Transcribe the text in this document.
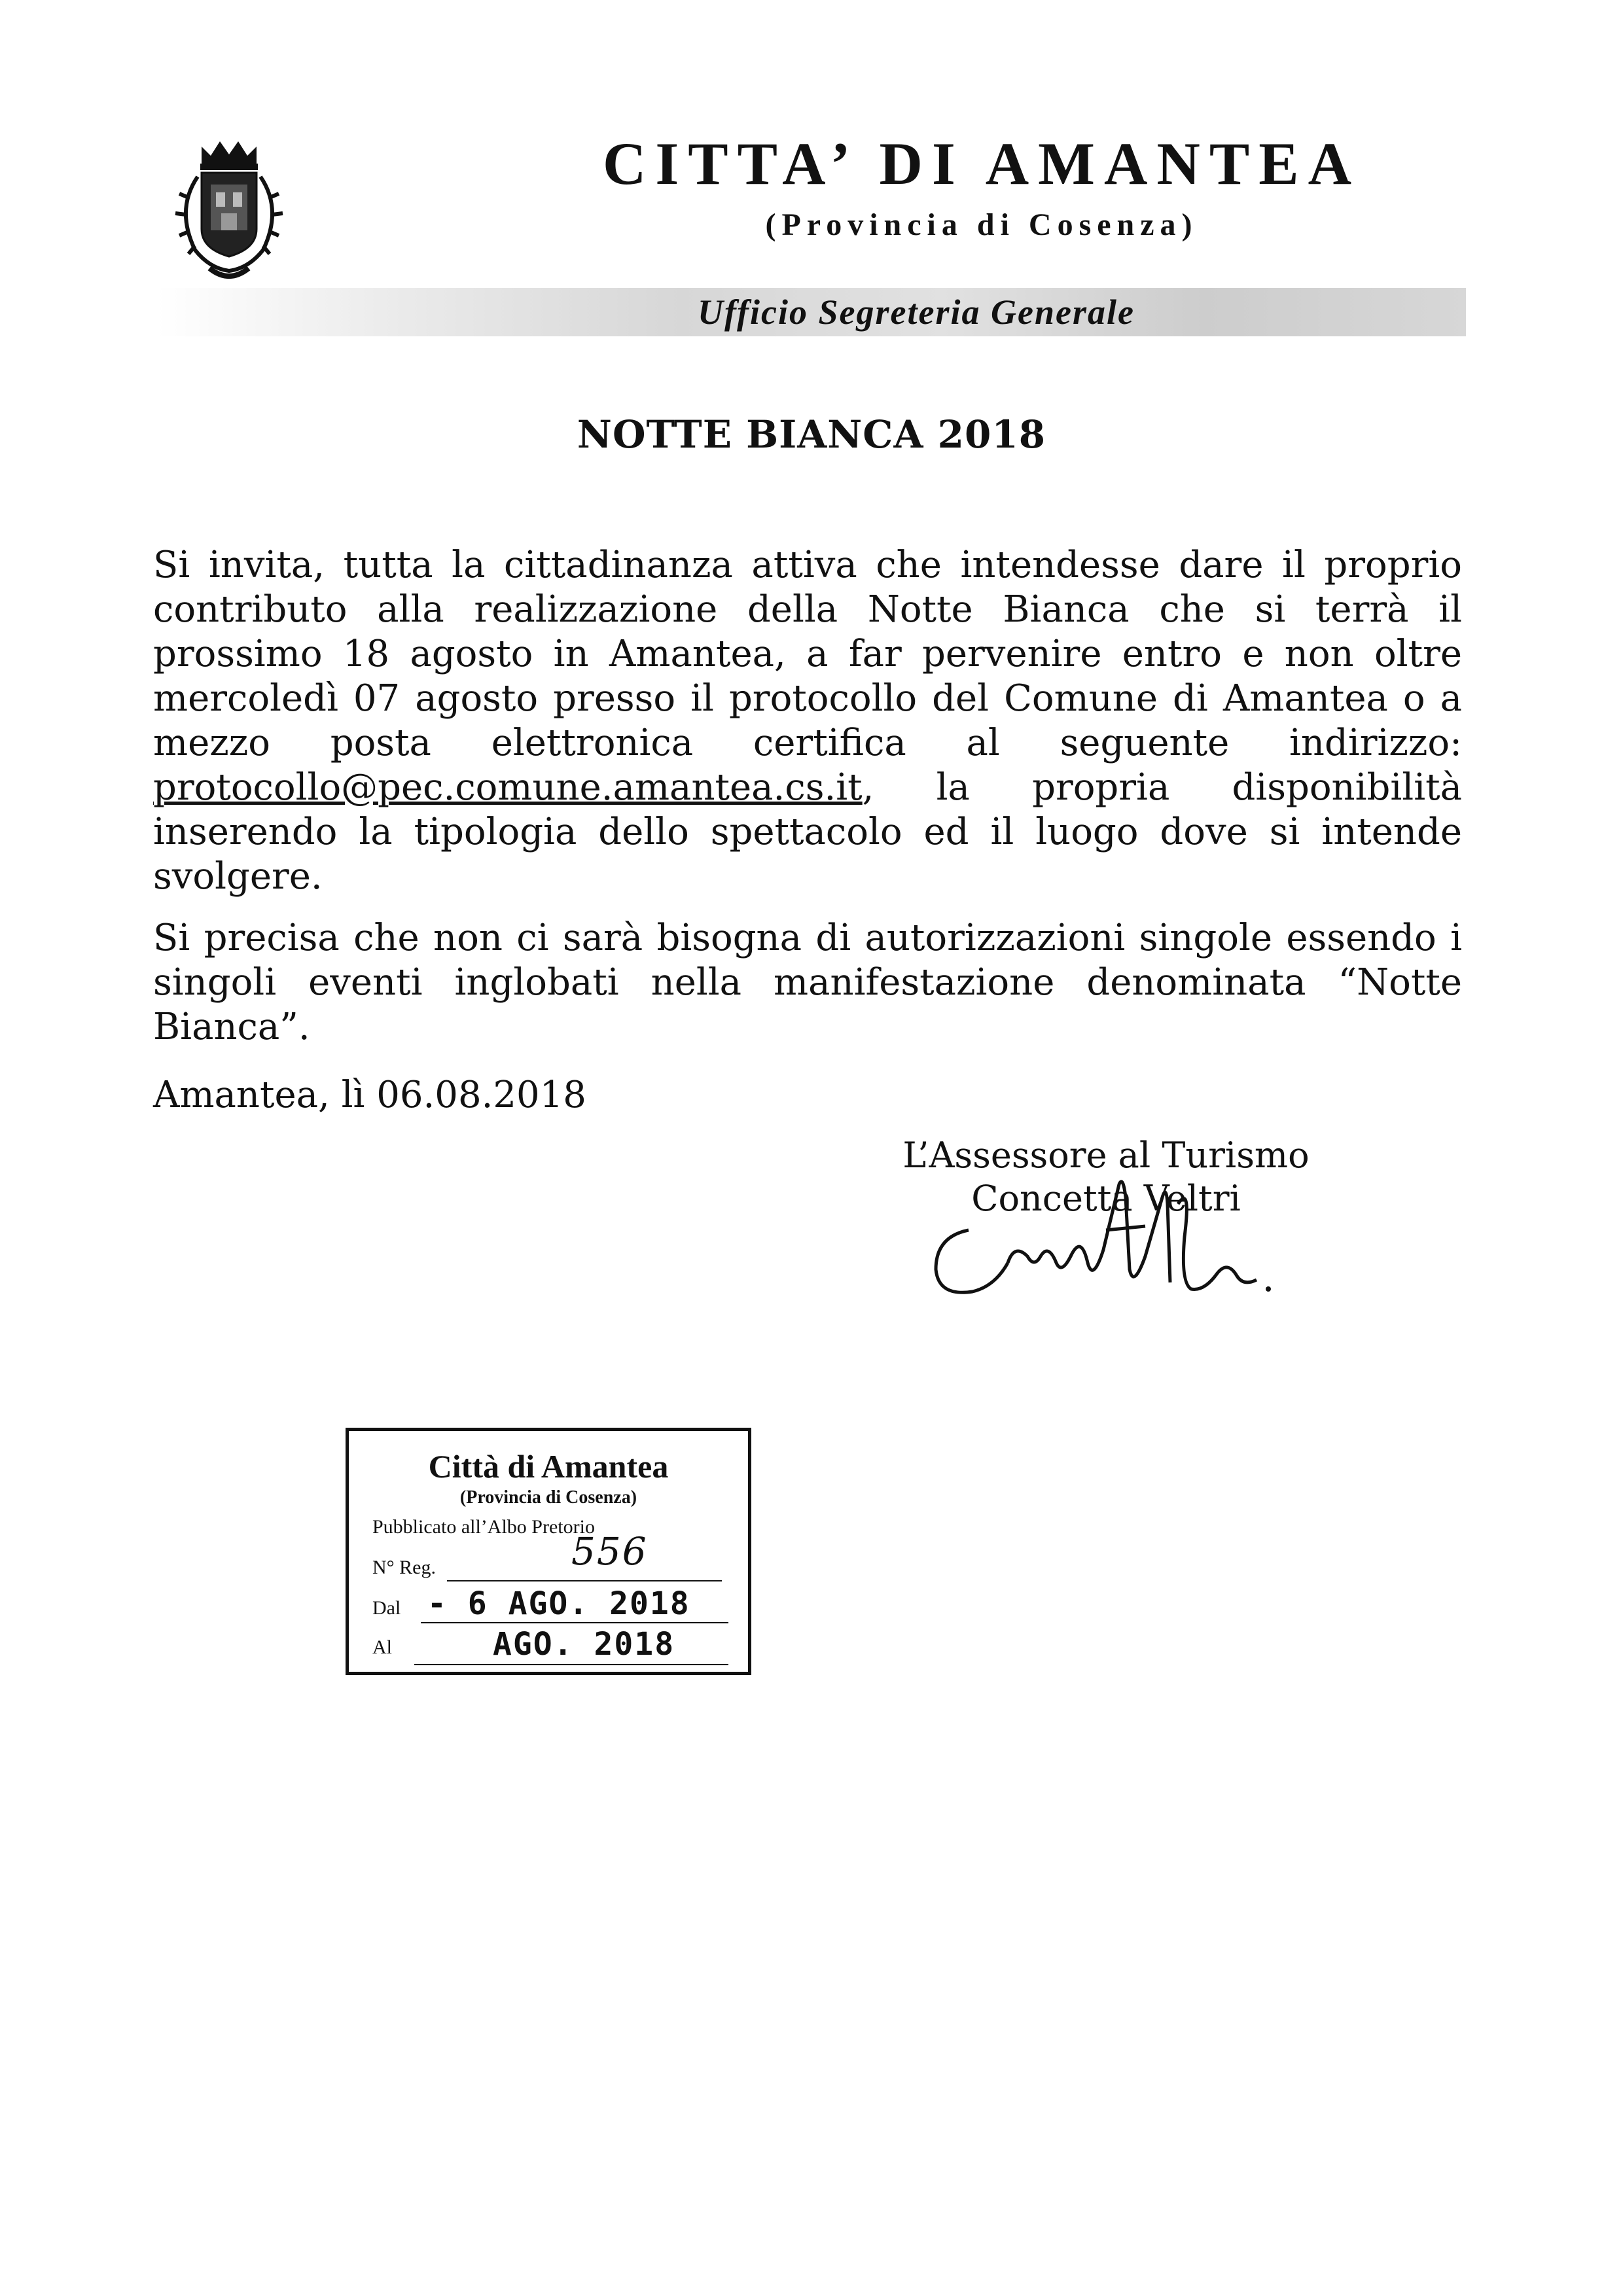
CITTA’ DI AMANTEA
(Provincia di Cosenza)
Ufficio Segreteria Generale
NOTTE BIANCA 2018

Si invita, tutta la cittadinanza attiva che intendesse dare il proprio contributo alla realizzazione della Notte Bianca che si terrà il prossimo 18 agosto in Amantea, a far pervenire entro e non oltre mercoledì 07 agosto presso il protocollo del Comune di Amantea o a mezzo posta elettronica certifica al seguente indirizzo: protocollo@pec.comune.amantea.cs.it, la propria disponibilità inserendo la tipologia dello spettacolo ed il luogo dove si intende svolgere.

Si precisa che non ci sarà bisogna di autorizzazioni singole essendo i singoli eventi inglobati nella manifestazione denominata “Notte Bianca”.

Amantea, lì 06.08.2018
L’Assessore al Turismo
Concetta Veltri
Città di Amantea
(Provincia di Cosenza)
Pubblicato all’Albo Pretorio
N° Reg.	556
Dal - 6 AGO. 2018
Al	AGO. 2018
